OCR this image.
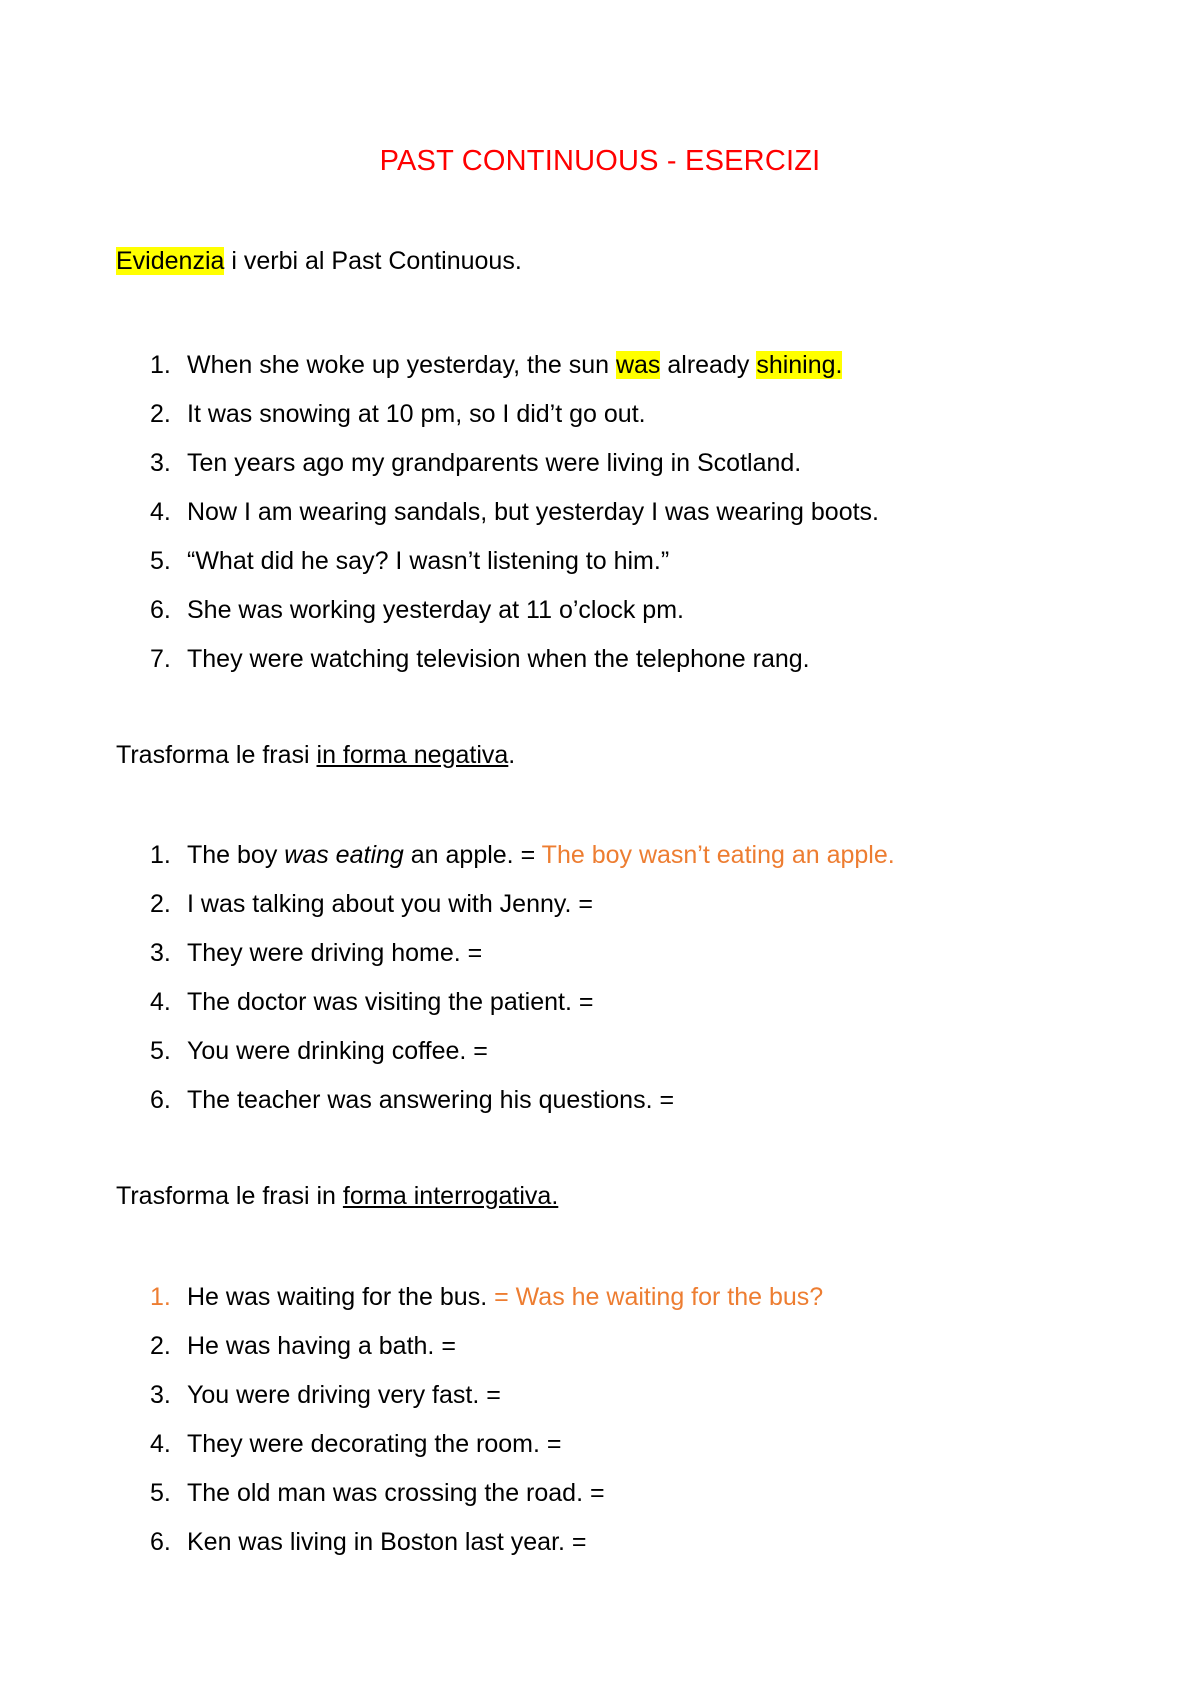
PAST CONTINUOUS - ESERCIZI
Evidenzia i verbi al Past Continuous.
1. When she woke up yesterday, the sun was already shining.
2. It was snowing at 10 pm, so I did’t go out.
3. Ten years ago my grandparents were living in Scotland.
4. Now I am wearing sandals, but yesterday I was wearing boots.
5. “What did he say? I wasn’t listening to him.”
6. She was working yesterday at 11 o’clock pm.
7. They were watching television when the telephone rang.
Trasforma le frasi in forma negativa.
1. The boy was eating an apple. = The boy wasn’t eating an apple.
2. I was talking about you with Jenny. =
3. They were driving home. =
4. The doctor was visiting the patient. =
5. You were drinking coffee. =
6. The teacher was answering his questions. =
Trasforma le frasi in forma interrogativa.
1. He was waiting for the bus. = Was he waiting for the bus?
2. He was having a bath. =
3. You were driving very fast. =
4. They were decorating the room. =
5. The old man was crossing the road. =
6. Ken was living in Boston last year. =
